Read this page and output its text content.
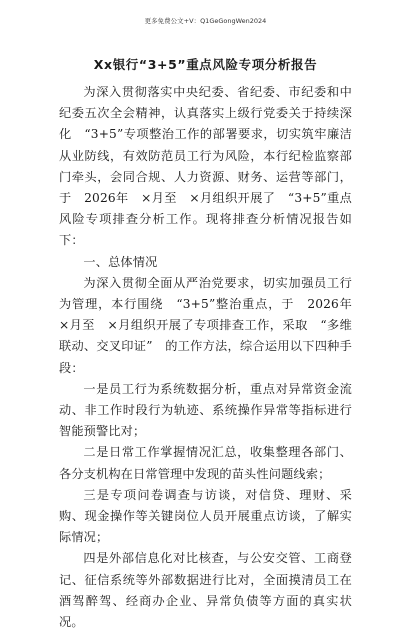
更多免费公文+V：Q1GeGongWen2024
Xx银行“3+5”重点风险专项分析报告

为深入贯彻落实中央纪委、省纪委、市纪委和中纪委五次全会精神，认真落实上级行党委关于持续深化　“3+5”专项整治工作的部署要求，切实筑牢廉洁从业防线，有效防范员工行为风险，本行纪检监察部门牵头，会同合规、人力资源、财务、运营等部门，于　2026年　×月至　×月组织开展了　“3+5”重点风险专项排查分析工作。现将排查分析情况报告如下：

一、总体情况

为深入贯彻全面从严治党要求，切实加强员工行为管理，本行围绕　“3+5”整治重点，于　2026年　×月至　×月组织开展了专项排查工作，采取　“多维联动、交叉印证”　的工作方法，综合运用以下四种手段：

一是员工行为系统数据分析，重点对异常资金流动、非工作时段行为轨迹、系统操作异常等指标进行智能预警比对；

二是日常工作掌握情况汇总，收集整理各部门、各分支机构在日常管理中发现的苗头性问题线索；

三是专项问卷调查与访谈，对信贷、理财、采购、现金操作等关键岗位人员开展重点访谈，了解实际情况；

四是外部信息化对比核查，与公安交管、工商登记、征信系统等外部数据进行比对，全面摸清员工在酒驾醉驾、经商办企业、异常负债等方面的真实状况。
